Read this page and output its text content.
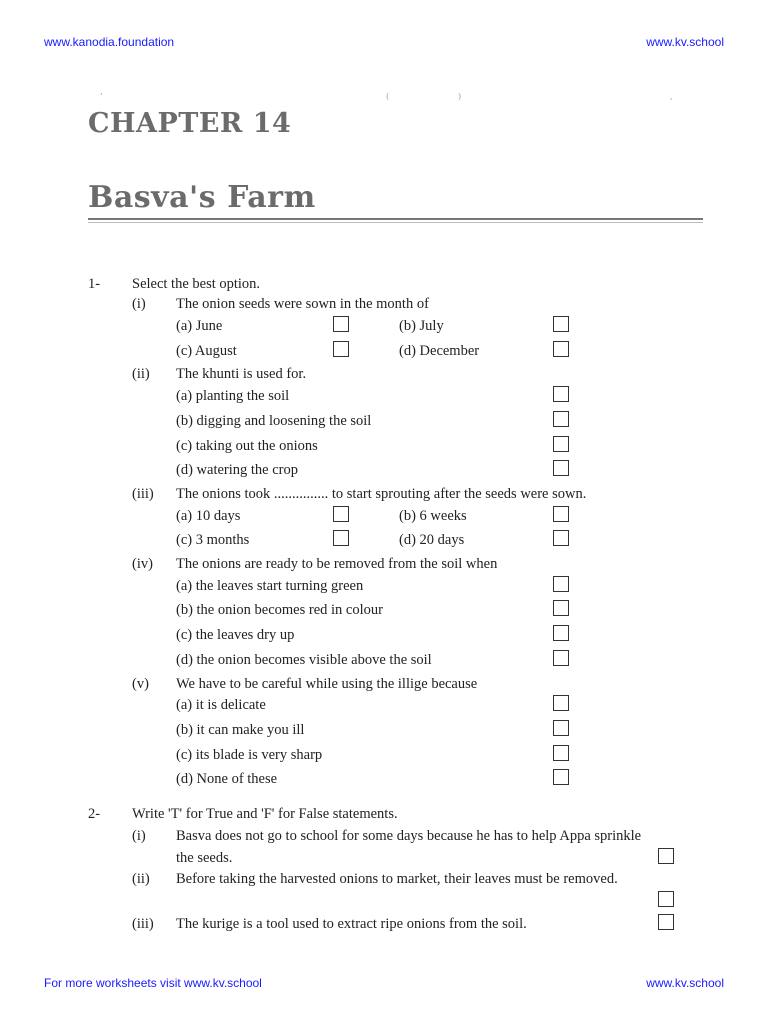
www.kanodia.foundation	www.kv.school
For more worksheets visit www.kv.school	www.kv.school
’	(	)	,
CHAPTER 14
Basva's Farm
1- Select the best option.
(i) The onion seeds were sown in the month of
(a) June	(b) July
(c) August	(d) December
(ii) The khunti is used for.
(a) planting the soil
(b) digging and loosening the soil
(c) taking out the onions
(d) watering the crop
(iii) The onions took ............... to start sprouting after the seeds were sown.
(a) 10 days	(b) 6 weeks
(c) 3 months	(d) 20 days
(iv) The onions are ready to be removed from the soil when
(a) the leaves start turning green
(b) the onion becomes red in colour
(c) the leaves dry up
(d) the onion becomes visible above the soil
(v) We have to be careful while using the illige because
(a) it is delicate
(b) it can make you ill
(c) its blade is very sharp
(d) None of these
2- Write 'T' for True and 'F' for False statements.
(i) Basva does not go to school for some days because he has to help Appa sprinkle
the seeds.
(ii) Before taking the harvested onions to market, their leaves must be removed.
(iii) The kurige is a tool used to extract ripe onions from the soil.
